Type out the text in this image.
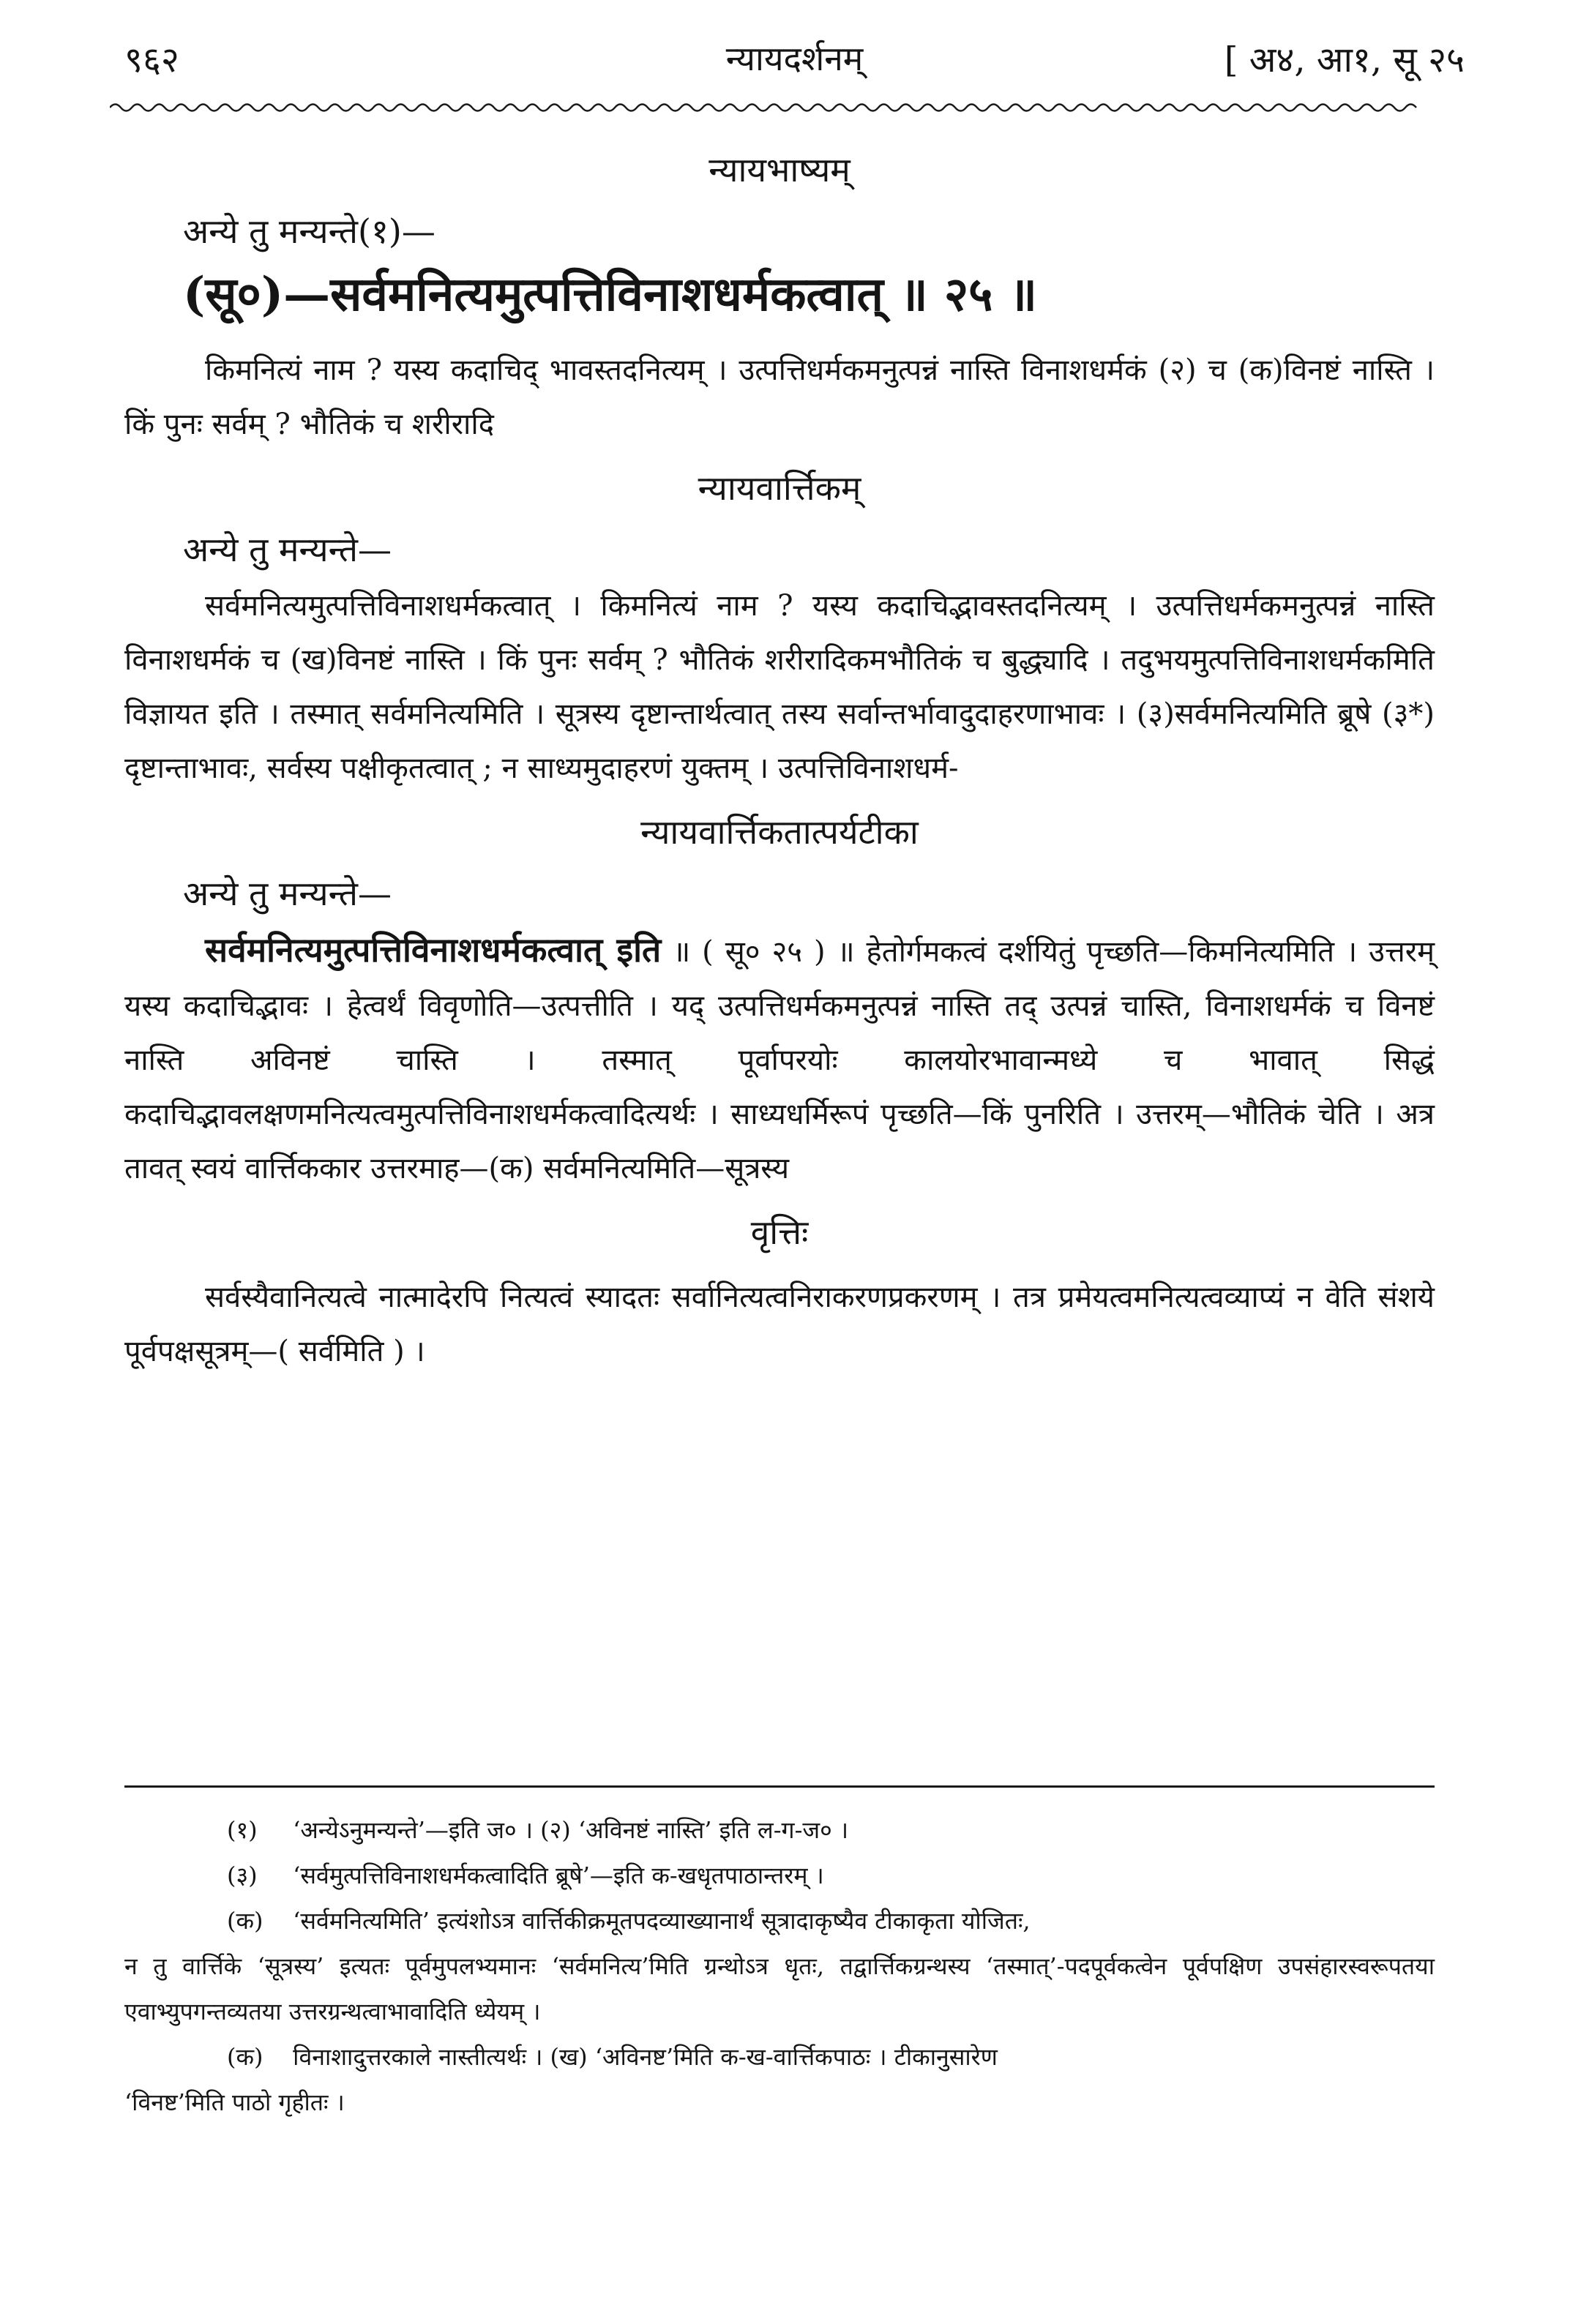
९६२	न्यायदर्शनम्	[ अ४, आ१, सू २५
न्यायभाष्यम्
अन्ये तु मन्यन्ते(१)—
(सू०)—सर्वमनित्यमुत्पत्तिविनाशधर्मकत्वात् ॥ २५ ॥

किमनित्यं नाम ? यस्य कदाचिद् भावस्तदनित्यम् । उत्पत्तिधर्मकमनुत्पन्नं नास्ति विनाशधर्मकं (२) च (क)विनष्टं नास्ति । किं पुनः सर्वम् ? भौतिकं च शरीरादि

न्यायवार्त्तिकम्
अन्ये तु मन्यन्ते—

सर्वमनित्यमुत्पत्तिविनाशधर्मकत्वात् । किमनित्यं नाम ? यस्य कदाचिद्भावस्तदनित्यम् । उत्पत्तिधर्मकमनुत्पन्नं नास्ति विनाशधर्मकं च (ख)विनष्टं नास्ति । किं पुनः सर्वम् ? भौतिकं शरीरादिकमभौतिकं च बुद्ध्यादि । तदुभयमुत्पत्तिविनाशधर्मकमिति विज्ञायत इति । तस्मात् सर्वमनित्यमिति । सूत्रस्य दृष्टान्तार्थत्वात् तस्य सर्वान्तर्भावादुदाहरणाभावः । (३)सर्वमनित्यमिति ब्रूषे (३*) दृष्टान्ताभावः, सर्वस्य पक्षीकृतत्वात् ; न साध्यमुदाहरणं युक्तम् । उत्पत्तिविनाशधर्म-

न्यायवार्त्तिकतात्पर्यटीका
अन्ये तु मन्यन्ते—

सर्वमनित्यमुत्पत्तिविनाशधर्मकत्वात् इति ॥ ( सू० २५ ) ॥ हेतोर्गमकत्वं दर्शयितुं पृच्छति—किमनित्यमिति । उत्तरम् यस्य कदाचिद्भावः । हेत्वर्थं विवृणोति—उत्पत्तीति । यद् उत्पत्तिधर्मकमनुत्पन्नं नास्ति तद् उत्पन्नं चास्ति, विनाशधर्मकं च विनष्टं नास्ति अविनष्टं चास्ति । तस्मात् पूर्वापरयोः कालयोरभावान्मध्ये च भावात् सिद्धं कदाचिद्भावलक्षणमनित्यत्वमुत्पत्तिविनाशधर्मकत्वादित्यर्थः । साध्यधर्मिरूपं पृच्छति—किं पुनरिति । उत्तरम्—भौतिकं चेति । अत्र तावत् स्वयं वार्त्तिककार उत्तरमाह—(क) सर्वमनित्यमिति—सूत्रस्य

वृत्तिः

सर्वस्यैवानित्यत्वे नात्मादेरपि नित्यत्वं स्यादतः सर्वानित्यत्वनिराकरणप्रकरणम् । तत्र प्रमेयत्वमनित्यत्वव्याप्यं न वेति संशये पूर्वपक्षसूत्रम्—( सर्वमिति ) ।

(१) ‘अन्येऽनुमन्यन्ते’—इति ज० । (२) ‘अविनष्टं नास्ति’ इति ल-ग-ज० ।

(३) ‘सर्वमुत्पत्तिविनाशधर्मकत्वादिति ब्रूषे’—इति क-खधृतपाठान्तरम् ।

(क) ‘सर्वमनित्यमिति’ इत्यंशोऽत्र वार्त्तिकीक्रमूतपदव्याख्यानार्थं सूत्रादाकृष्यैव टीकाकृता योजितः,

न तु वार्त्तिके ‘सूत्रस्य’ इत्यतः पूर्वमुपलभ्यमानः ‘सर्वमनित्य’मिति ग्रन्थोऽत्र धृतः, तद्वार्त्तिकग्रन्थस्य ‘तस्मात्’-पदपूर्वकत्वेन पूर्वपक्षिण उपसंहारस्वरूपतया एवाभ्युपगन्तव्यतया उत्तरग्रन्थत्वाभावादिति ध्येयम् ।

(क) विनाशादुत्तरकाले नास्तीत्यर्थः । (ख) ‘अविनष्ट’मिति क-ख-वार्त्तिकपाठः । टीकानुसारेण

‘विनष्ट’मिति पाठो गृहीतः ।
